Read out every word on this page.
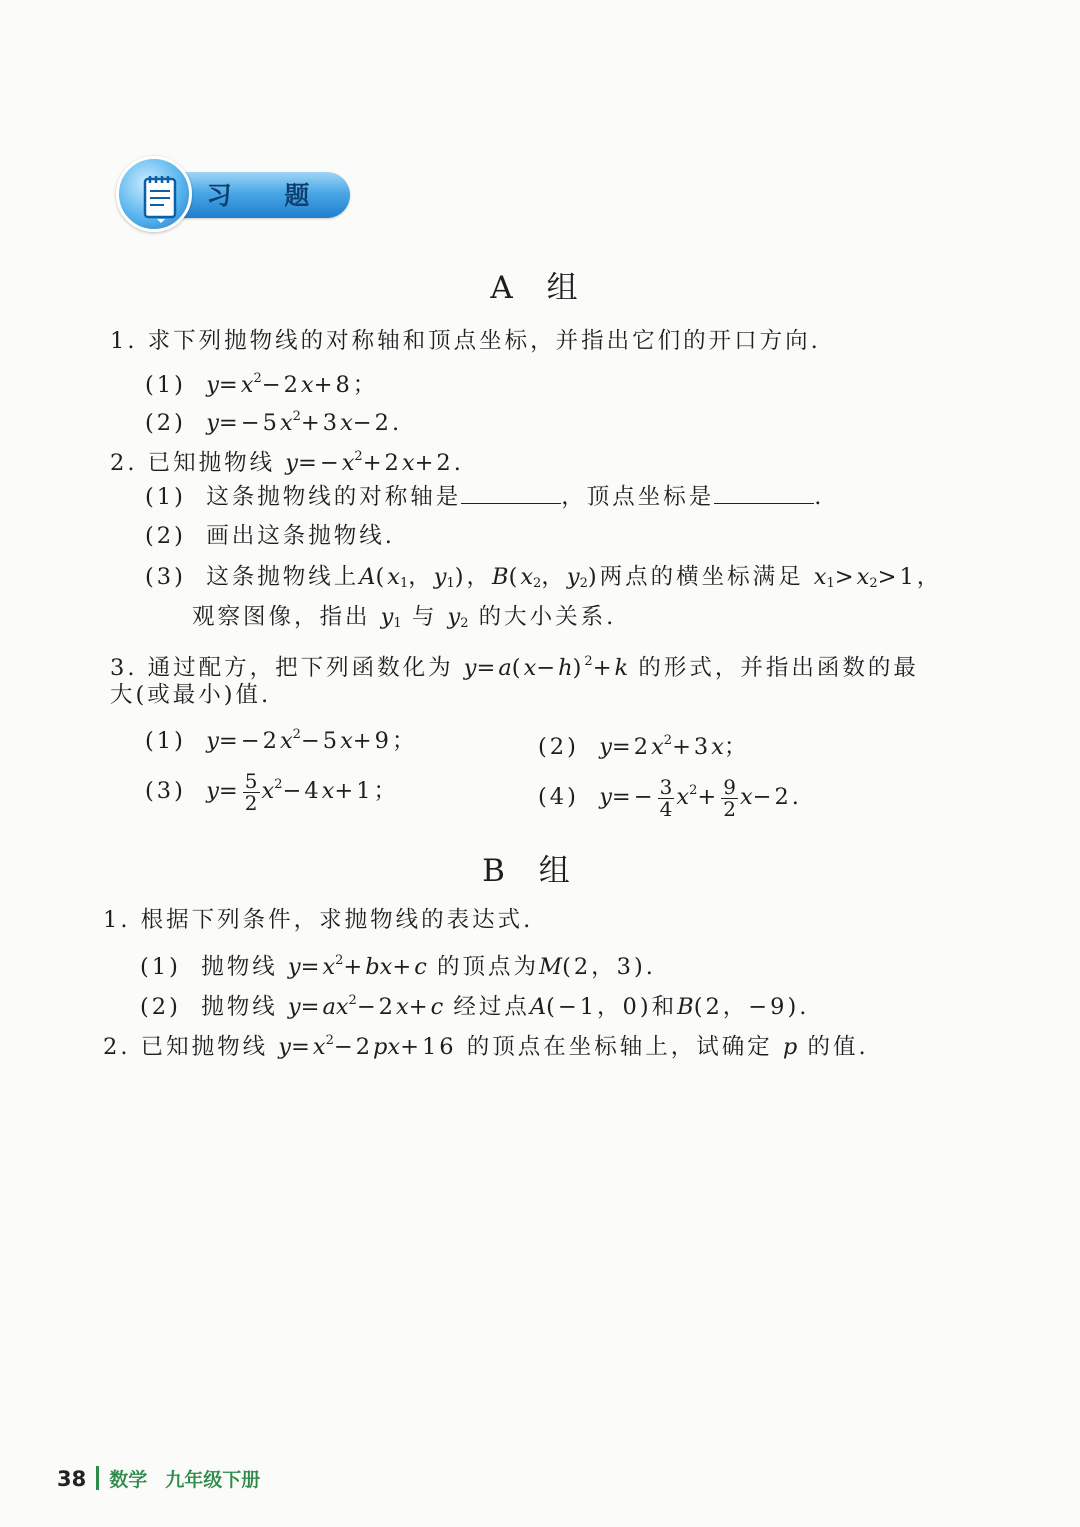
习 题
A 组
1. 求下列抛物线的对称轴和顶点坐标，并指出它们的开口方向.
(1) $y=x^2-2x+8$；
(2) $y=-5x^2+3x-2$.
2. 已知抛物线 $y=-x^2+2x+2$.
(1) 这条抛物线的对称轴是	，顶点坐标是	.
(2) 画出这条抛物线.
(3) 这条抛物线上$A(x_1$，$y_1$)，$B(x_2$，$y_2$)两点的横坐标满足 $x_1>x_2>1$，
观察图像，指出 $y_1$ 与 $y_2$ 的大小关系.
3. 通过配方，把下列函数化为 $y=a(x-h)^2+k$ 的形式，并指出函数的最
大(或最小)值.
(1) $y=-2x^2-5x+9$；	(2) $y=2x^2+3x$；
(3) $y= \frac{5}{2} x^2-4x+1$；	(4) $y=- \frac{3}{4} x^2+ \frac{9}{2} x-2$.
B 组
1. 根据下列条件，求抛物线的表达式.
(1) 抛物线 $y=x^2+bx+c$ 的顶点为M(2，3).
(2) 抛物线 $y=ax^2-2x+c$ 经过点A(−1，0)和B(2，−9).
2. 已知抛物线 $y=x^2-2px+16$ 的顶点在坐标轴上，试确定 p 的值.
38 数学 九年级下册
